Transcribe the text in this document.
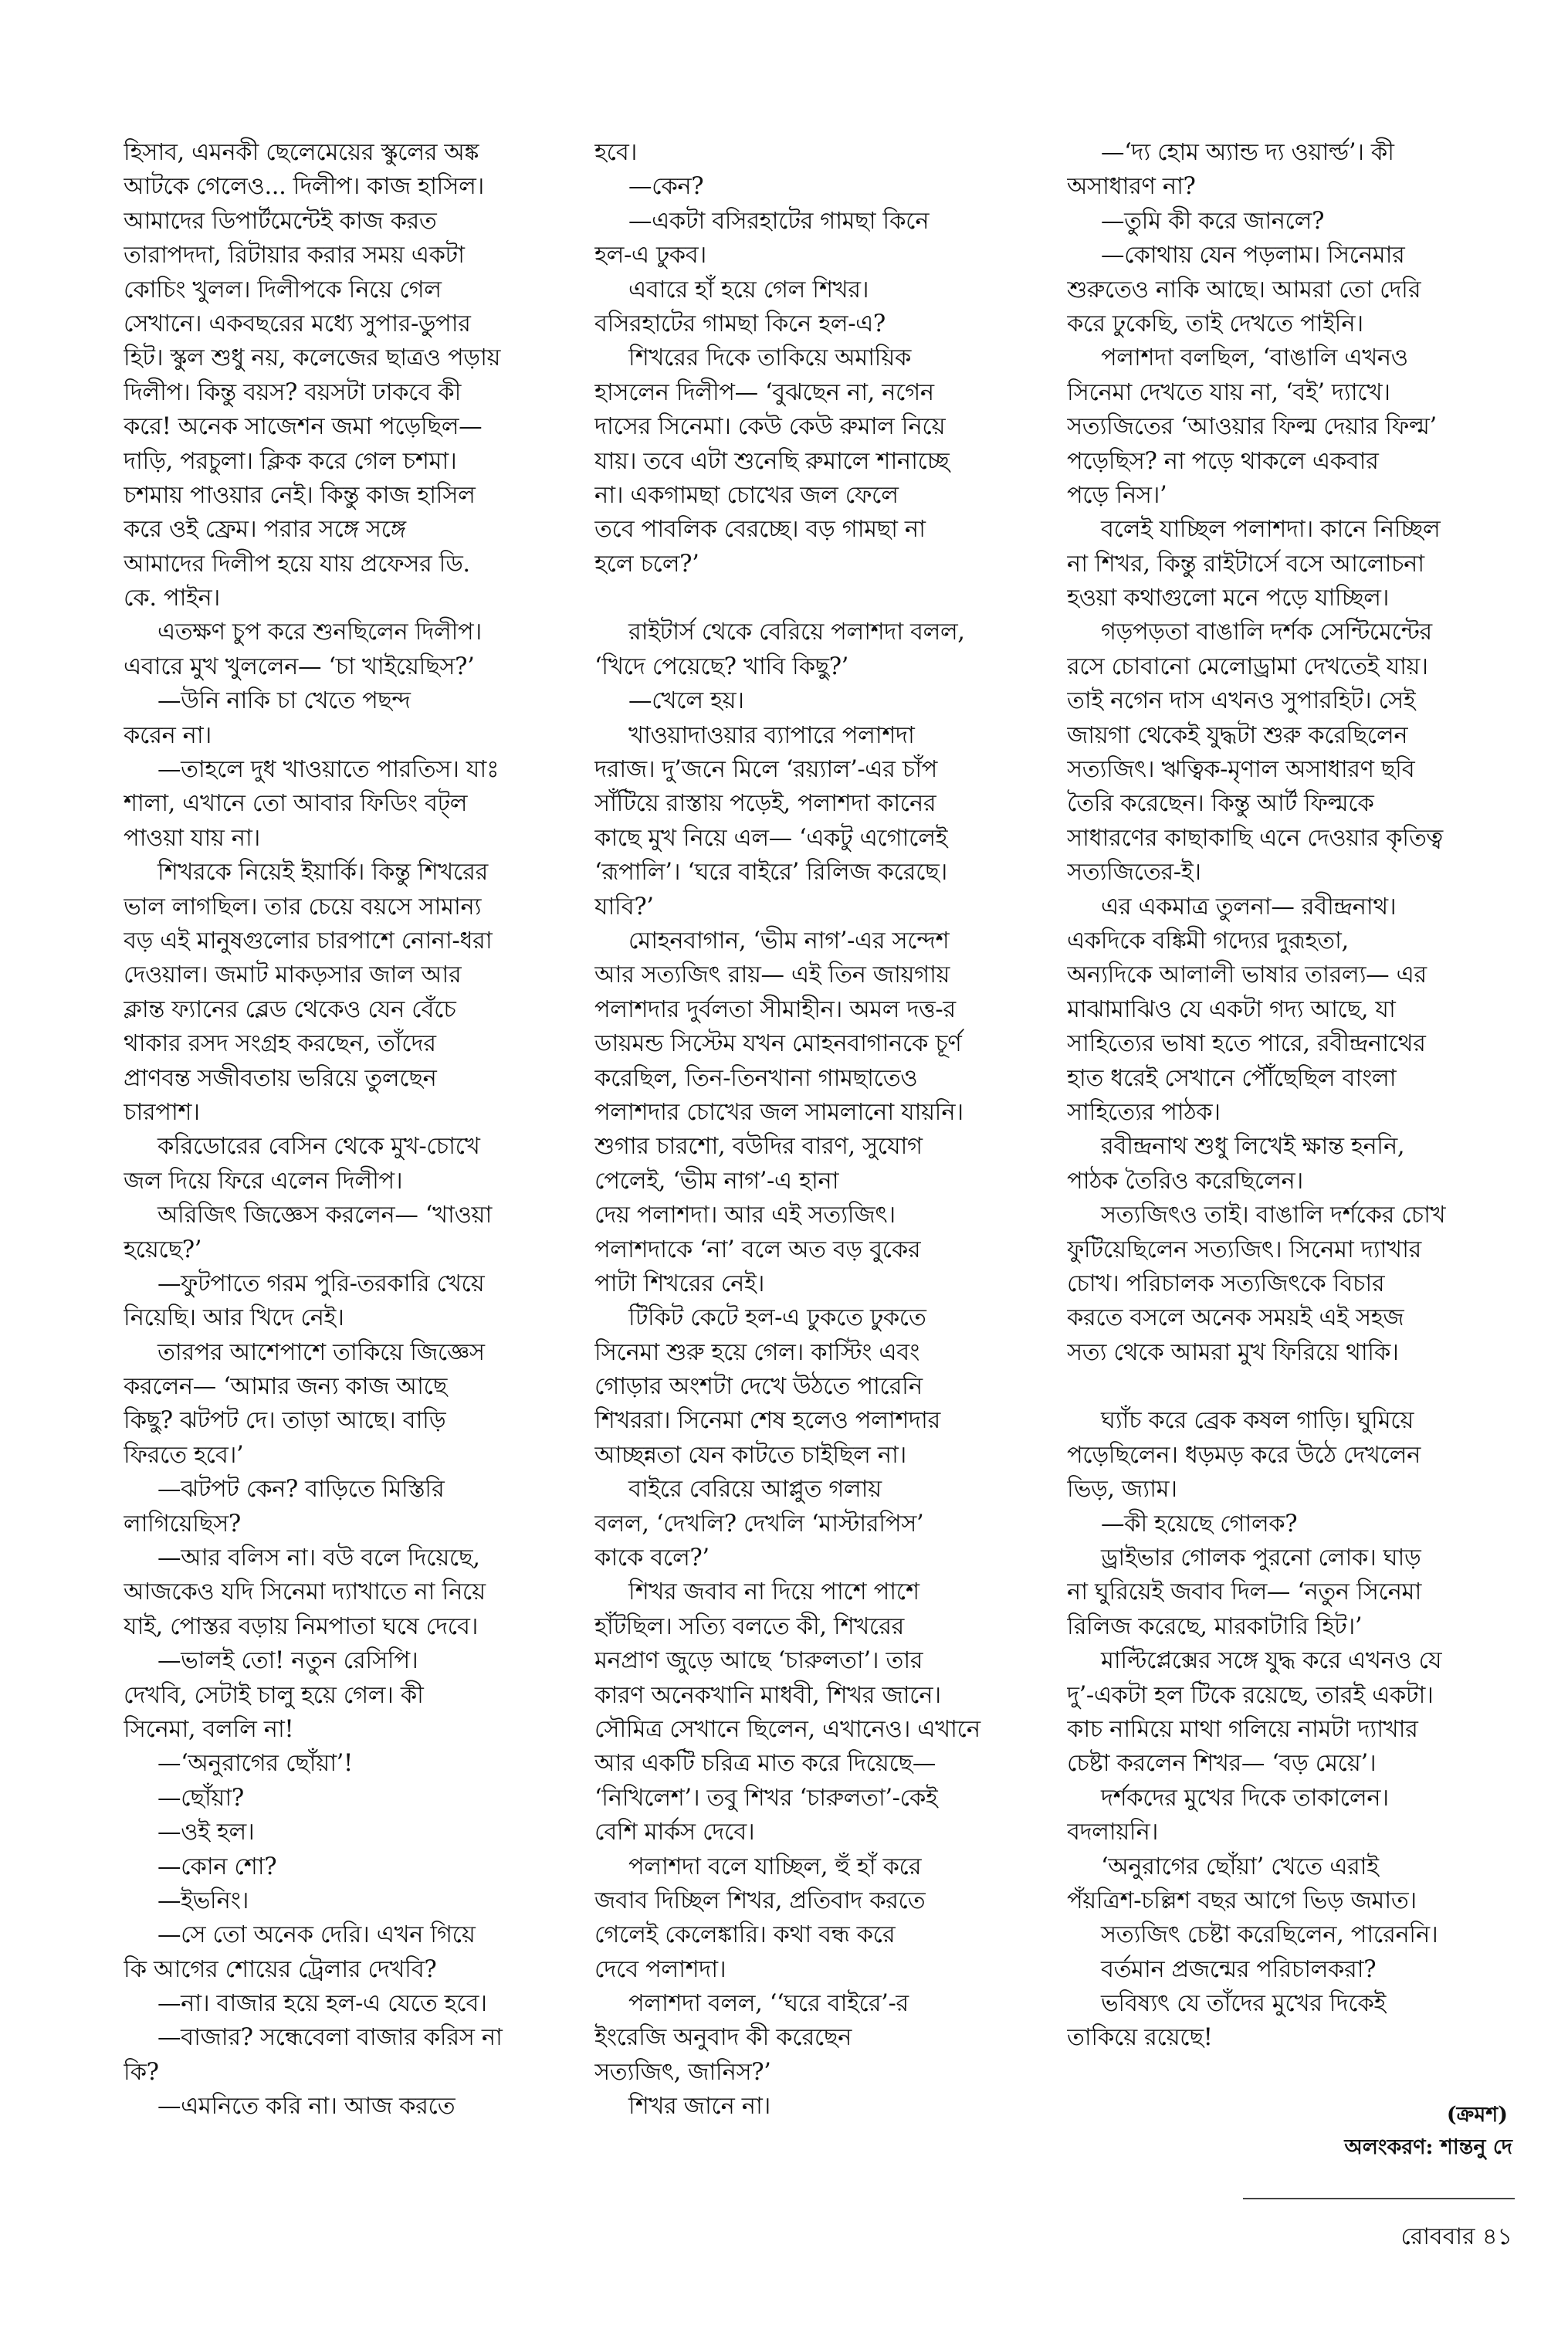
হিসাব, এমনকী ছেলেমেয়ের স্কুলের অঙ্ক
আটকে গেলেও... দিলীপ। কাজ হাসিল।
আমাদের ডিপার্টমেন্টেই কাজ করত
তারাপদদা, রিটায়ার করার সময় একটা
কোচিং খুলল। দিলীপকে নিয়ে গেল
সেখানে। একবছরের মধ্যে সুপার-ডুপার
হিট। স্কুল শুধু নয়, কলেজের ছাত্রও পড়ায়
দিলীপ। কিন্তু বয়স? বয়সটা ঢাকবে কী
করে! অনেক সাজেশন জমা পড়েছিল—
দাড়ি, পরচুলা। ক্লিক করে গেল চশমা।
চশমায় পাওয়ার নেই। কিন্তু কাজ হাসিল
করে ওই ফ্রেম। পরার সঙ্গে সঙ্গে
আমাদের দিলীপ হয়ে যায় প্রফেসর ডি.
কে. পাইন।
এতক্ষণ চুপ করে শুনছিলেন দিলীপ।
এবারে মুখ খুললেন— ‘চা খাইয়েছিস?’
—উনি নাকি চা খেতে পছন্দ
করেন না।
—তাহলে দুধ খাওয়াতে পারতিস। যাঃ
শালা, এখানে তো আবার ফিডিং বট্‌ল
পাওয়া যায় না।
শিখরকে নিয়েই ইয়ার্কি। কিন্তু শিখরের
ভাল লাগছিল। তার চেয়ে বয়সে সামান্য
বড় এই মানুষগুলোর চারপাশে নোনা-ধরা
দেওয়াল। জমাট মাকড়সার জাল আর
ক্লান্ত ফ্যানের ব্লেড থেকেও যেন বেঁচে
থাকার রসদ সংগ্রহ করছেন, তাঁদের
প্রাণবন্ত সজীবতায় ভরিয়ে তুলছেন
চারপাশ।
করিডোরের বেসিন থেকে মুখ-চোখে
জল দিয়ে ফিরে এলেন দিলীপ।
অরিজিৎ জিজ্ঞেস করলেন— ‘খাওয়া
হয়েছে?’
—ফুটপাতে গরম পুরি-তরকারি খেয়ে
নিয়েছি। আর খিদে নেই।
তারপর আশেপাশে তাকিয়ে জিজ্ঞেস
করলেন— ‘আমার জন্য কাজ আছে
কিছু? ঝটপট দে। তাড়া আছে। বাড়ি
ফিরতে হবে।’
—ঝটপট কেন? বাড়িতে মিস্তিরি
লাগিয়েছিস?
—আর বলিস না। বউ বলে দিয়েছে,
আজকেও যদি সিনেমা দ্যাখাতে না নিয়ে
যাই, পোস্তর বড়ায় নিমপাতা ঘষে দেবে।
—ভালই তো! নতুন রেসিপি।
দেখবি, সেটাই চালু হয়ে গেল। কী
সিনেমা, বললি না!
—‘অনুরাগের ছোঁয়া’!
—ছোঁয়া?
—ওই হল।
—কোন শো?
—ইভনিং।
—সে তো অনেক দেরি। এখন গিয়ে
কি আগের শোয়ের ট্রেলার দেখবি?
—না। বাজার হয়ে হল-এ যেতে হবে।
—বাজার? সন্ধেবেলা বাজার করিস না
কি?
—এমনিতে করি না। আজ করতে
হবে।
—কেন?
—একটা বসিরহাটের গামছা কিনে
হল-এ ঢুকব।
এবারে হাঁ হয়ে গেল শিখর।
বসিরহাটের গামছা কিনে হল-এ?
শিখরের দিকে তাকিয়ে অমায়িক
হাসলেন দিলীপ— ‘বুঝছেন না, নগেন
দাসের সিনেমা। কেউ কেউ রুমাল নিয়ে
যায়। তবে এটা শুনেছি রুমালে শানাচ্ছে
না। একগামছা চোখের জল ফেলে
তবে পাবলিক বেরচ্ছে। বড় গামছা না
হলে চলে?’
রাইটার্স থেকে বেরিয়ে পলাশদা বলল,
‘খিদে পেয়েছে? খাবি কিছু?’
—খেলে হয়।
খাওয়াদাওয়ার ব্যাপারে পলাশদা
দরাজ। দু’জনে মিলে ‘রয়্যাল’-এর চাঁপ
সাঁটিয়ে রাস্তায় পড়েই, পলাশদা কানের
কাছে মুখ নিয়ে এল— ‘একটু এগোলেই
‘রূপালি’। ‘ঘরে বাইরে’ রিলিজ করেছে।
যাবি?’
মোহনবাগান, ‘ভীম নাগ’-এর সন্দেশ
আর সত্যজিৎ রায়— এই তিন জায়গায়
পলাশদার দুর্বলতা সীমাহীন। অমল দত্ত-র
ডায়মন্ড সিস্টেম যখন মোহনবাগানকে চূর্ণ
করেছিল, তিন-তিনখানা গামছাতেও
পলাশদার চোখের জল সামলানো যায়নি।
শুগার চারশো, বউদির বারণ, সুযোগ
পেলেই, ‘ভীম নাগ’-এ হানা
দেয় পলাশদা। আর এই সত্যজিৎ।
পলাশদাকে ‘না’ বলে অত বড় বুকের
পাটা শিখরের নেই।
টিকিট কেটে হল-এ ঢুকতে ঢুকতে
সিনেমা শুরু হয়ে গেল। কাস্টিং এবং
গোড়ার অংশটা দেখে উঠতে পারেনি
শিখররা। সিনেমা শেষ হলেও পলাশদার
আচ্ছন্নতা যেন কাটতে চাইছিল না।
বাইরে বেরিয়ে আপ্লুত গলায়
বলল, ‘দেখলি? দেখলি ‘মাস্টারপিস’
কাকে বলে?’
শিখর জবাব না দিয়ে পাশে পাশে
হাঁটছিল। সত্যি বলতে কী, শিখরের
মনপ্রাণ জুড়ে আছে ‘চারুলতা’। তার
কারণ অনেকখানি মাধবী, শিখর জানে।
সৌমিত্র সেখানে ছিলেন, এখানেও। এখানে
আর একটি চরিত্র মাত করে দিয়েছে—
‘নিখিলেশ’। তবু শিখর ‘চারুলতা’-কেই
বেশি মার্কস দেবে।
পলাশদা বলে যাচ্ছিল, হুঁ হাঁ করে
জবাব দিচ্ছিল শিখর, প্রতিবাদ করতে
গেলেই কেলেঙ্কারি। কথা বন্ধ করে
দেবে পলাশদা।
পলাশদা বলল, ‘‘ঘরে বাইরে’-র
ইংরেজি অনুবাদ কী করেছেন
সত্যজিৎ, জানিস?’
শিখর জানে না।
—‘দ্য হোম অ্যান্ড দ্য ওয়ার্ল্ড’। কী
অসাধারণ না?
—তুমি কী করে জানলে?
—কোথায় যেন পড়লাম। সিনেমার
শুরুতেও নাকি আছে। আমরা তো দেরি
করে ঢুকেছি, তাই দেখতে পাইনি।
পলাশদা বলছিল, ‘বাঙালি এখনও
সিনেমা দেখতে যায় না, ‘বই’ দ্যাখে।
সত্যজিতের ‘আওয়ার ফিল্ম দেয়ার ফিল্ম’
পড়েছিস? না পড়ে থাকলে একবার
পড়ে নিস।’
বলেই যাচ্ছিল পলাশদা। কানে নিচ্ছিল
না শিখর, কিন্তু রাইটার্সে বসে আলোচনা
হওয়া কথাগুলো মনে পড়ে যাচ্ছিল।
গড়পড়তা বাঙালি দর্শক সেন্টিমেন্টের
রসে চোবানো মেলোড্রামা দেখতেই যায়।
তাই নগেন দাস এখনও সুপারহিট। সেই
জায়গা থেকেই যুদ্ধটা শুরু করেছিলেন
সত্যজিৎ। ঋত্বিক-মৃণাল অসাধারণ ছবি
তৈরি করেছেন। কিন্তু আর্ট ফিল্মকে
সাধারণের কাছাকাছি এনে দেওয়ার কৃতিত্ব
সত্যজিতের-ই।
এর একমাত্র তুলনা— রবীন্দ্রনাথ।
একদিকে বঙ্কিমী গদ্যের দুরূহতা,
অন্যদিকে আলালী ভাষার তারল্য— এর
মাঝামাঝিও যে একটা গদ্য আছে, যা
সাহিত্যের ভাষা হতে পারে, রবীন্দ্রনাথের
হাত ধরেই সেখানে পৌঁছেছিল বাংলা
সাহিত্যের পাঠক।
রবীন্দ্রনাথ শুধু লিখেই ক্ষান্ত হননি,
পাঠক তৈরিও করেছিলেন।
সত্যজিৎও তাই। বাঙালি দর্শকের চোখ
ফুটিয়েছিলেন সত্যজিৎ। সিনেমা দ্যাখার
চোখ। পরিচালক সত্যজিৎকে বিচার
করতে বসলে অনেক সময়ই এই সহজ
সত্য থেকে আমরা মুখ ফিরিয়ে থাকি।
ঘ্যাঁচ করে ব্রেক কষল গাড়ি। ঘুমিয়ে
পড়েছিলেন। ধড়মড় করে উঠে দেখলেন
ভিড়, জ্যাম।
—কী হয়েছে গোলক?
ড্রাইভার গোলক পুরনো লোক। ঘাড়
না ঘুরিয়েই জবাব দিল— ‘নতুন সিনেমা
রিলিজ করেছে, মারকাটারি হিট।’
মাল্টিপ্লেক্সের সঙ্গে যুদ্ধ করে এখনও যে
দু’-একটা হল টিকে রয়েছে, তারই একটা।
কাচ নামিয়ে মাথা গলিয়ে নামটা দ্যাখার
চেষ্টা করলেন শিখর— ‘বড় মেয়ে’।
দর্শকদের মুখের দিকে তাকালেন।
বদলায়নি।
‘অনুরাগের ছোঁয়া’ খেতে এরাই
পঁয়ত্রিশ-চল্লিশ বছর আগে ভিড় জমাত।
সত্যজিৎ চেষ্টা করেছিলেন, পারেননি।
বর্তমান প্রজন্মের পরিচালকরা?
ভবিষ্যৎ যে তাঁদের মুখের দিকেই
তাকিয়ে রয়েছে!
(ক্রমশ)
অলংকরণ: শান্তনু দে
রোববার ৪১
